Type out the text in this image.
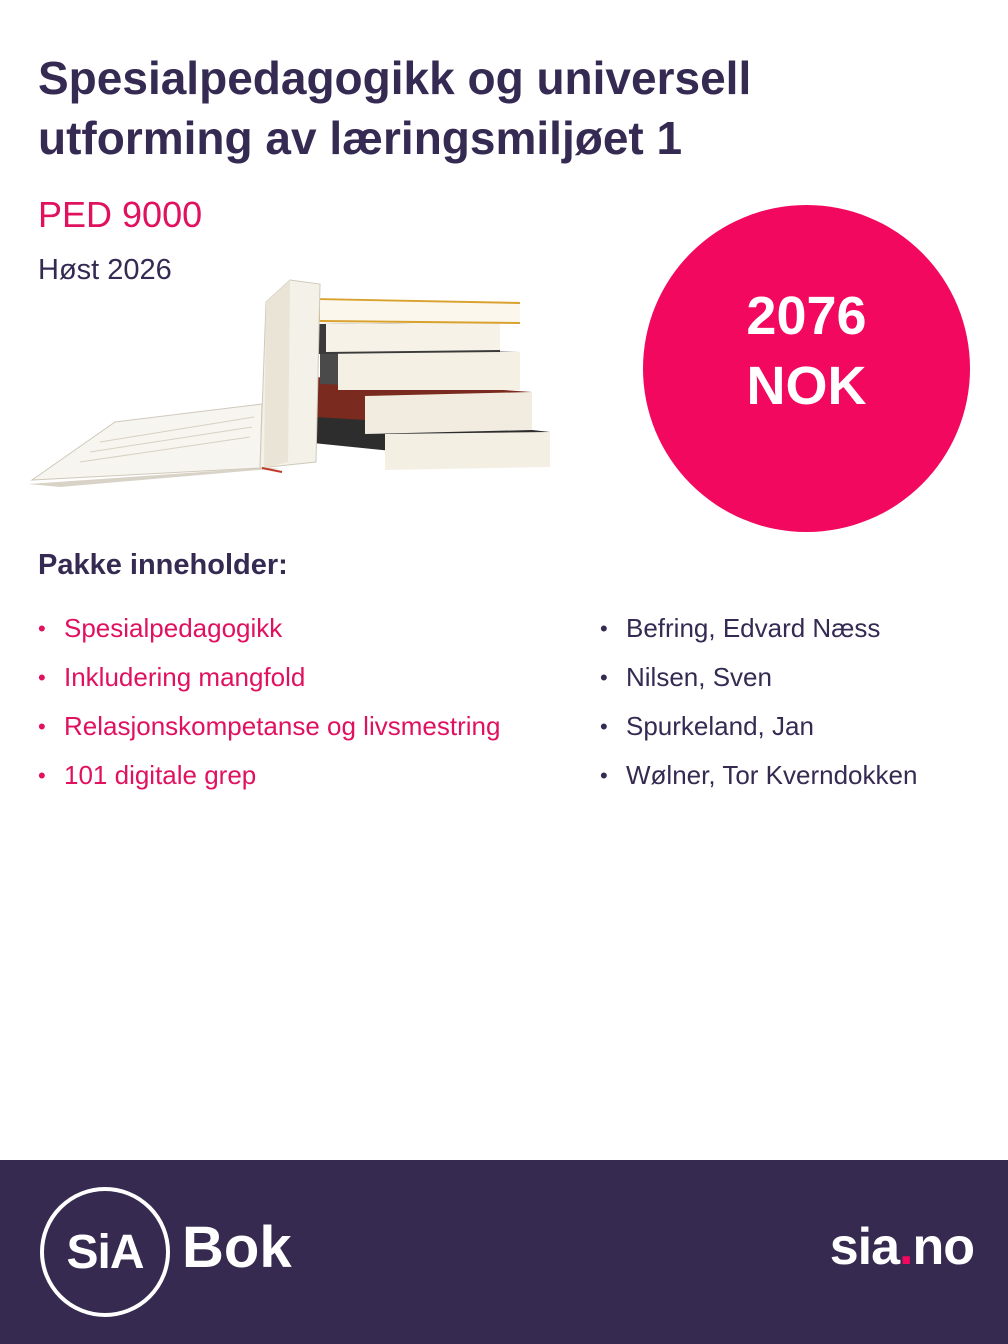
Spesialpedagogikk og universell
utforming av læringsmiljøet 1

PED 9000

Høst 2026

2076
NOK
Pakke inneholder:
• Spesialpedagogikk
• Inkludering mangfold
• Relasjonskompetanse og livsmestring
• 101 digitale grep
• Befring, Edvard Næss
• Nilsen, Sven
• Spurkeland, Jan
• Wølner, Tor Kverndokken
SiA Bok	sia.no
